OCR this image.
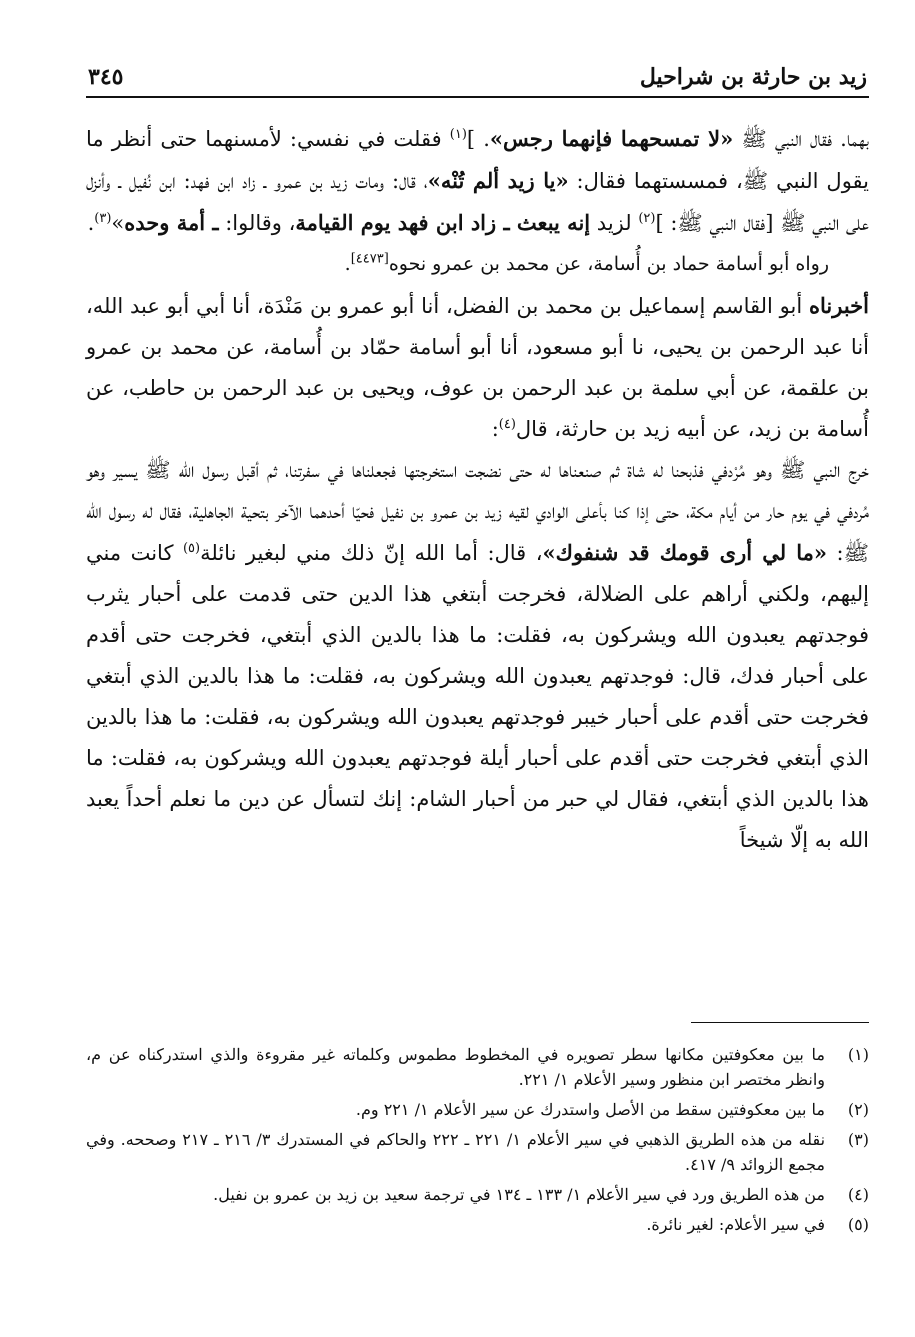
زيد بن حارثة بن شراحيل
٣٤٥

بهما. فقال النبي ﷺ «لا تمسحهما فإنهما رجس». ]$^{(١)}$ فقلت في نفسي: لأمسنهما حتى أنظر ما يقول النبي ﷺ، فمسستهما فقال: «يا زيد ألم تُنْه»، قال: ومات زيد بن عمرو ـ زاد ابن فهد: ابن نُفيل ـ وأنزل على النبي ﷺ [فقال النبي ﷺ: ]$^{(٢)}$ لزيد إنه يبعث ـ زاد ابن فهد يوم القيامة، وقالوا: ـ أمة وحده»$^{(٣)}$.

رواه أبو أسامة حماد بن أُسامة، عن محمد بن عمرو نحوه[٤٤٧٣].

أخبرناه أبو القاسم إسماعيل بن محمد بن الفضل، أنا أبو عمرو بن مَنْدَة، أنا أبي أبو عبد الله، أنا عبد الرحمن بن يحيى، نا أبو مسعود، أنا أبو أسامة حمّاد بن أُسامة، عن محمد بن عمرو بن علقمة، عن أبي سلمة بن عبد الرحمن بن عوف، ويحيى بن عبد الرحمن بن حاطب، عن أُسامة بن زيد، عن أبيه زيد بن حارثة، قال$^{(٤)}$:

خرج النبي ﷺ وهو مُرْدفي فذبحنا له شاة ثم صنعناها له حتى نضجت استخرجتها فجعلناها في سفرتنا، ثم أقبل رسول الله ﷺ يسير وهو مُردفي في يوم حار من أيام مكة، حتى إذا كنا بأعلى الوادي لقيه زيد بن عمرو بن نفيل فحيّا أحدهما الآخر بتحية الجاهلية، فقال له رسول الله ﷺ: «ما لي أرى قومك قد شنفوك»، قال: أما الله إنّ ذلك مني لبغير نائلة$^{(٥)}$ كانت مني إليهم، ولكني أراهم على الضلالة، فخرجت أبتغي هذا الدين حتى قدمت على أحبار يثرب فوجدتهم يعبدون الله ويشركون به، فقلت: ما هذا بالدين الذي أبتغي، فخرجت حتى أقدم على أحبار فدك، قال: فوجدتهم يعبدون الله ويشركون به، فقلت: ما هذا بالدين الذي أبتغي فخرجت حتى أقدم على أحبار خيبر فوجدتهم يعبدون الله ويشركون به، فقلت: ما هذا بالدين الذي أبتغي فخرجت حتى أقدم على أحبار أيلة فوجدتهم يعبدون الله ويشركون به، فقلت: ما هذا بالدين الذي أبتغي، فقال لي حبر من أحبار الشام: إنك لتسأل عن دين ما نعلم أحداً يعبد الله به إلّا شيخاً

(١)
ما بين معكوفتين مكانها سطر تصويره في المخطوط مطموس وكلماته غير مقروءة والذي استدركناه عن م، وانظر مختصر ابن منظور وسير الأعلام ١/ ٢٢١.
(٢)
ما بين معكوفتين سقط من الأصل واستدرك عن سير الأعلام ١/ ٢٢١ وم.
(٣)
نقله من هذه الطريق الذهبي في سير الأعلام ١/ ٢٢١ ـ ٢٢٢ والحاكم في المستدرك ٣/ ٢١٦ ـ ٢١٧ وصححه. وفي مجمع الزوائد ٩/ ٤١٧.
(٤)
من هذه الطريق ورد في سير الأعلام ١/ ١٣٣ ـ ١٣٤ في ترجمة سعيد بن زيد بن عمرو بن نفيل.
(٥)
في سير الأعلام: لغير نائرة.
